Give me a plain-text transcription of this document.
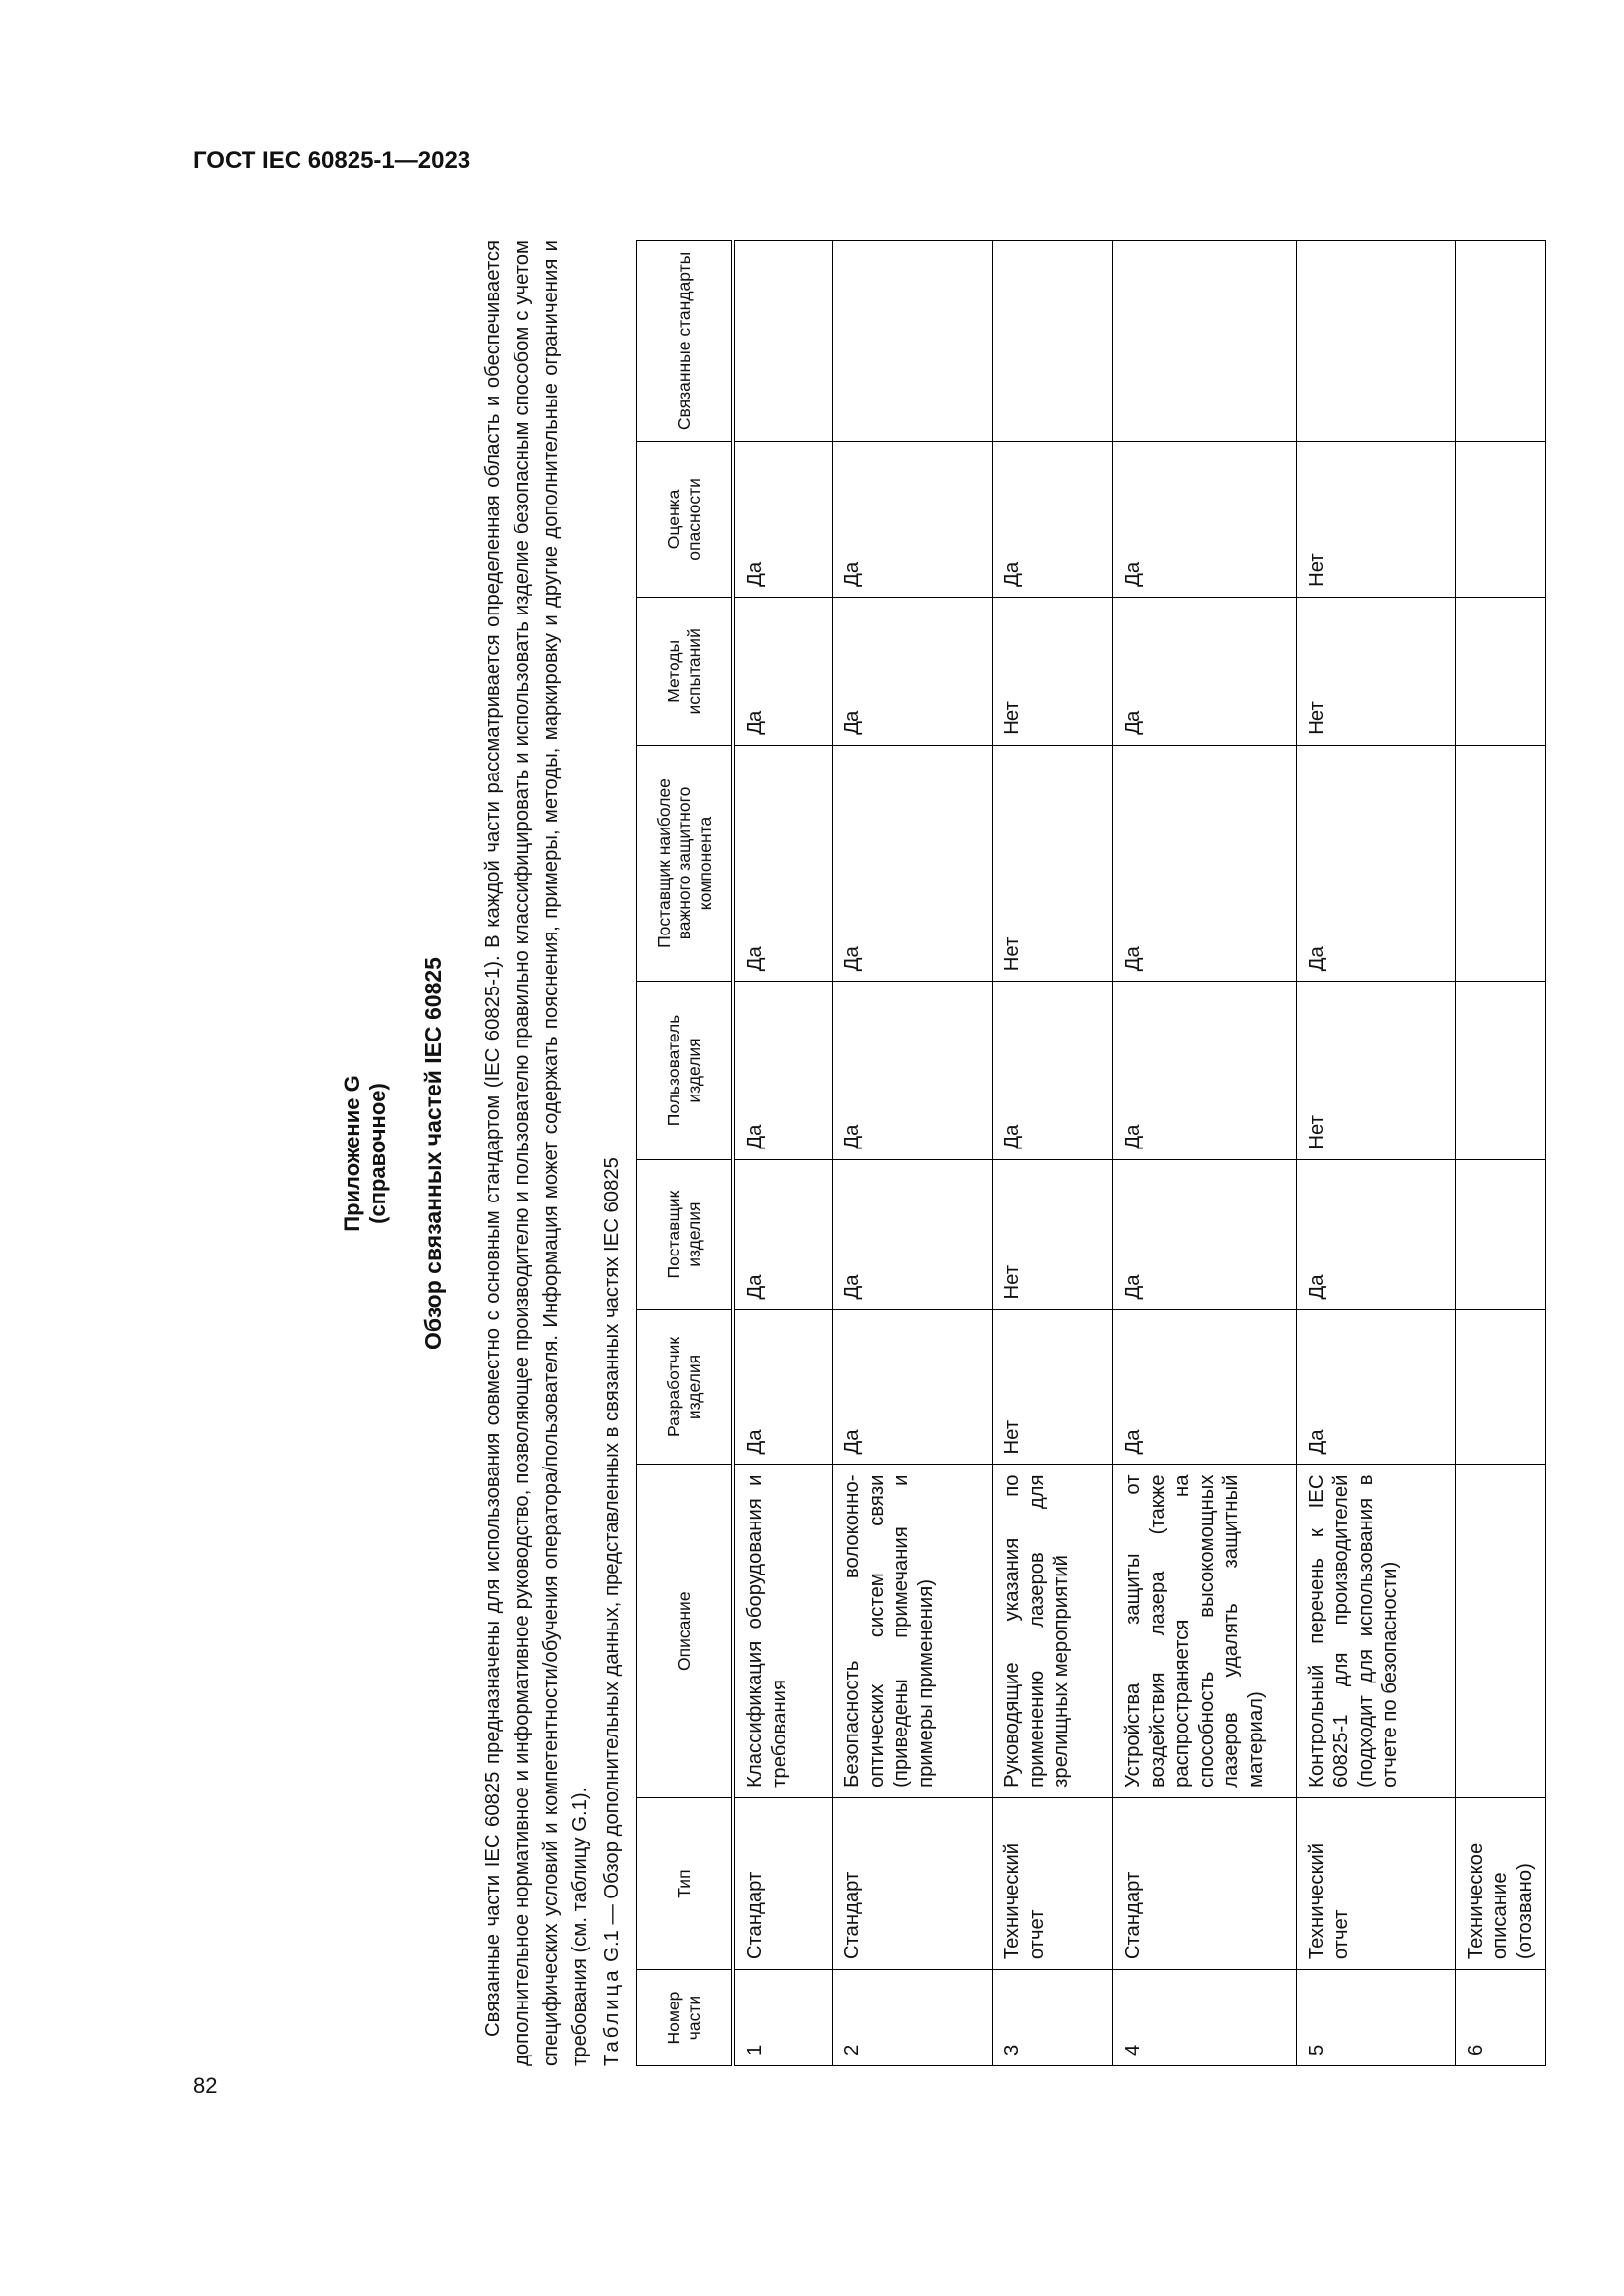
ГОСТ IEC 60825-1—2023
82
Приложение G (справочное) Обзор связанных частей IEC 60825 Связанные части IEC 60825 предназначены для использования совместно с основным стандартом (IEC 60825-1). В каждой части рассматривается определенная область и обеспечивается дополнительное нормативное и информативное руководство, позволяющее производителю и пользователю правильно классифицировать и использовать изделие безопасным способом с учетом специфических условий и компетентности/обучения оператора/пользователя. Информация может содержать пояснения, примеры, методы, маркировку и другие дополнительные ограничения и требования (см. таблицу G.1). Таблица G.1 — Обзор дополнительных данных, представленных в связанных частях IEC 60825
Номер части	Тип	Описание	Разработчик изделия	Поставщик изделия	Пользователь изделия	Поставщик наиболее важного защитного компонента	Методы испытаний	Оценка опасности	Связанные стандарты
1	Стандарт	Классификация оборудования и требования	Да	Да	Да	Да	Да	Да	
2	Стандарт	Безопасность волоконно-оптических систем связи (приведены примечания и примеры применения)	Да	Да	Да	Да	Да	Да	
3	Технический отчет	Руководящие указания по применению лазеров для зрелищных мероприятий	Нет	Нет	Да	Нет	Нет	Да	
4	Стандарт	Устройства защиты от воздействия лазера (также распространяется на способность высокомощных лазеров удалять защитный материал)	Да	Да	Да	Да	Да	Да	
5	Технический отчет	Контрольный перечень к IEC 60825-1 для производителей (подходит для использования в отчете по безопасности)	Да	Да	Нет	Да	Нет	Нет	
6	Техническое описание (отозвано)								
